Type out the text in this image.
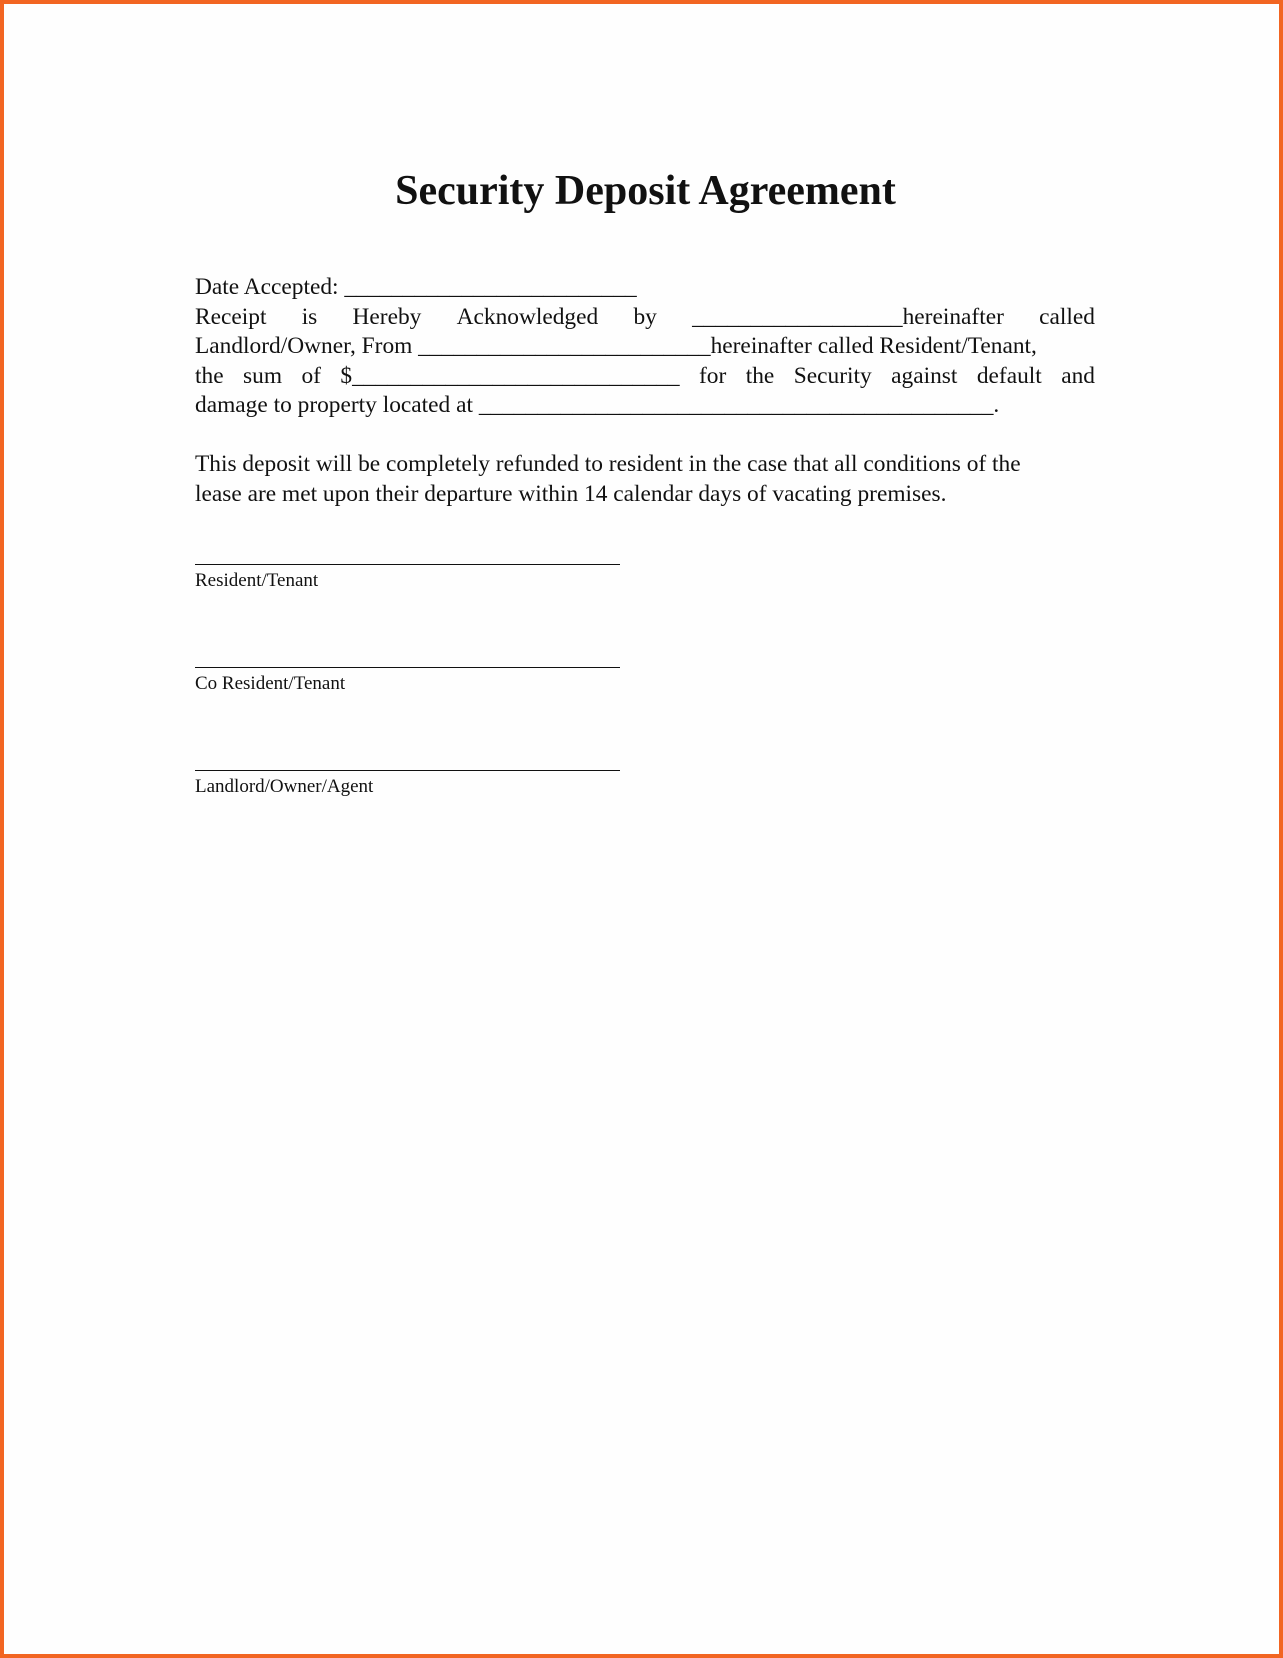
Security Deposit Agreement
Date Accepted: _________________________
Receipt is Hereby Acknowledged by __________________hereinafter called
Landlord/Owner, From _________________________hereinafter called Resident/Tenant,
the sum of $____________________________ for the Security against default and
damage to property located at ____________________________________________.
This deposit will be completely refunded to resident in the case that all conditions of the
lease are met upon their departure within 14 calendar days of vacating premises.
Resident/Tenant
Co Resident/Tenant
Landlord/Owner/Agent
